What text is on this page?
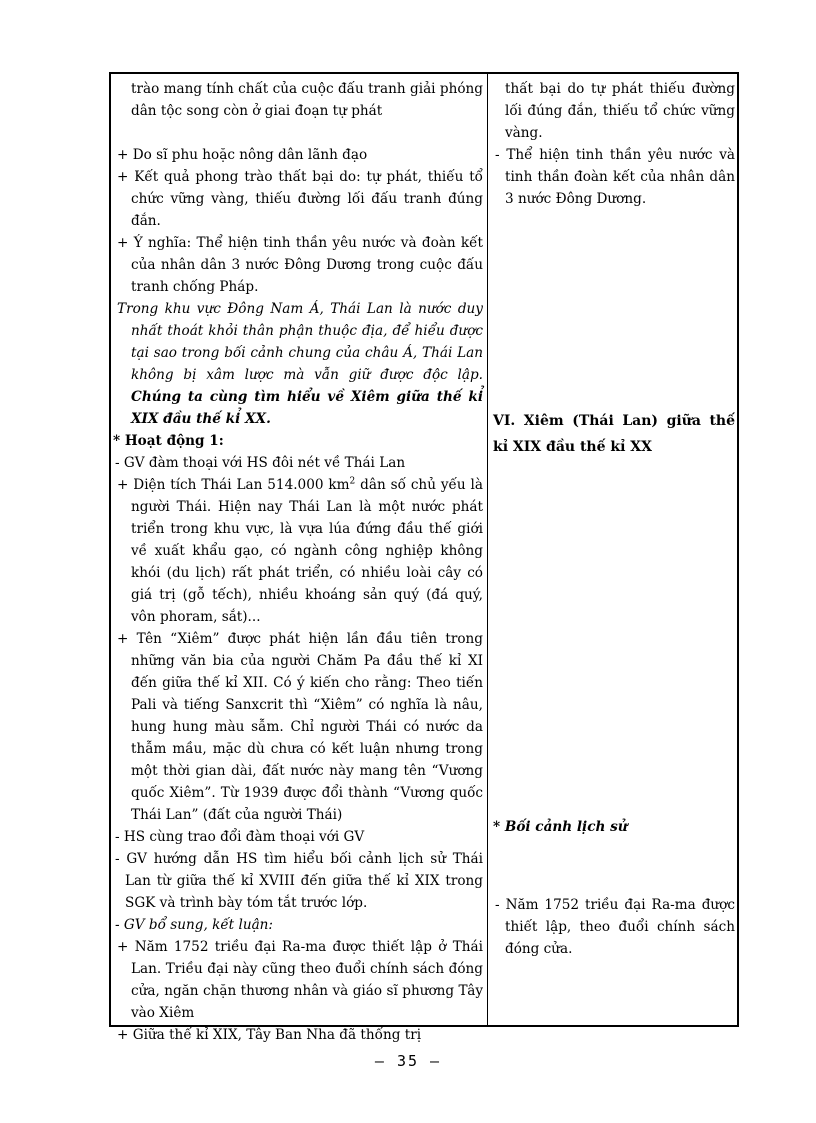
trào mang tính chất của cuộc đấu tranh giải phóng dân tộc song còn ở giai đoạn tự phát
+ Do sĩ phu hoặc nông dân lãnh đạo
+ Kết quả phong trào thất bại do: tự phát, thiếu tổ chức vững vàng, thiếu đường lối đấu tranh đúng đắn.
+ Ý nghĩa: Thể hiện tinh thần yêu nước và đoàn kết của nhân dân 3 nước Đông Dương trong cuộc đấu tranh chống Pháp.
Trong khu vực Đông Nam Á, Thái Lan là nước duy nhất thoát khỏi thân phận thuộc địa, để hiểu được tại sao trong bối cảnh chung của châu Á, Thái Lan không bị xâm lược mà vẫn giữ được độc lập. Chúng ta cùng tìm hiểu về Xiêm giữa thế kỉ XIX đầu thế kỉ XX.
* Hoạt động 1:
- GV đàm thoại với HS đôi nét về Thái Lan
+ Diện tích Thái Lan 514.000 $km^2$ dân số chủ yếu là người Thái. Hiện nay Thái Lan là một nước phát triển trong khu vực, là vựa lúa đứng đầu thế giới về xuất khẩu gạo, có ngành công nghiệp không khói (du lịch) rất phát triển, có nhiều loài cây có giá trị (gỗ tếch), nhiều khoáng sản quý (đá quý, vôn phoram, sắt)...
+ Tên “Xiêm” được phát hiện lần đầu tiên trong những văn bia của người Chăm Pa đầu thế kỉ XI đến giữa thế kỉ XII. Có ý kiến cho rằng: Theo tiến Pali và tiếng Sanxcrit thì “Xiêm” có nghĩa là nâu, hung hung màu sẫm. Chỉ người Thái có nước da thẫm mầu, mặc dù chưa có kết luận nhưng trong một thời gian dài, đất nước này mang tên “Vương quốc Xiêm”. Từ 1939 được đổi thành “Vương quốc Thái Lan” (đất của người Thái)
- HS cùng trao đổi đàm thoại với GV
- GV hướng dẫn HS tìm hiểu bối cảnh lịch sử Thái Lan từ giữa thế kỉ XVIII đến giữa thế kỉ XIX trong SGK và trình bày tóm tắt trước lớp.
- GV bổ sung, kết luận:
+ Năm 1752 triều đại Ra-ma được thiết lập ở Thái Lan. Triều đại này cũng theo đuổi chính sách đóng cửa, ngăn chặn thương nhân và giáo sĩ phương Tây vào Xiêm
+ Giữa thế kỉ XIX, Tây Ban Nha đã thống trị
thất bại do tự phát thiếu đường lối đúng đắn, thiếu tổ chức vững vàng.
- Thể hiện tinh thần yêu nước và tinh thần đoàn kết của nhân dân 3 nước Đông Dương.
VI. Xiêm (Thái Lan) giữa thế kỉ XIX đầu thế kỉ XX
* Bối cảnh lịch sử
- Năm 1752 triều đại Ra-ma được thiết lập, theo đuổi chính sách đóng cửa.
– 35 –
